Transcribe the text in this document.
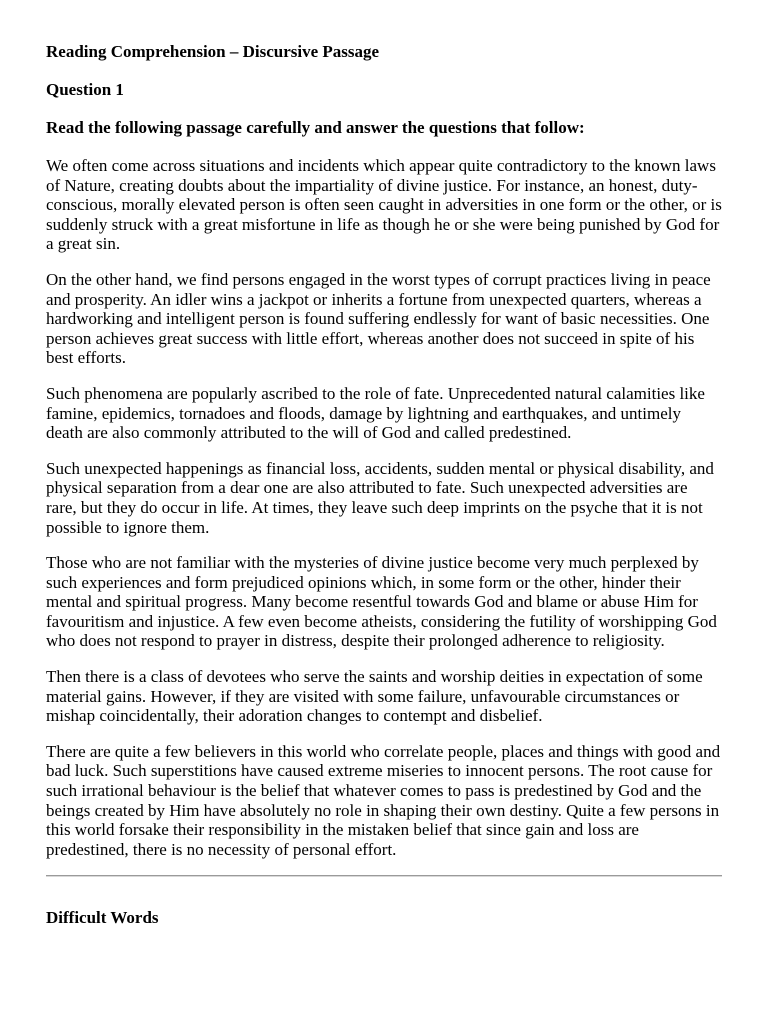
Reading Comprehension – Discursive Passage

Question 1

Read the following passage carefully and answer the questions that follow:

We often come across situations and incidents which appear quite contradictory to the known laws of Nature, creating doubts about the impartiality of divine justice. For instance, an honest, duty-conscious, morally elevated person is often seen caught in adversities in one form or the other, or is suddenly struck with a great misfortune in life as though he or she were being punished by God for a great sin.

On the other hand, we find persons engaged in the worst types of corrupt practices living in peace and prosperity. An idler wins a jackpot or inherits a fortune from unexpected quarters, whereas a hardworking and intelligent person is found suffering endlessly for want of basic necessities. One person achieves great success with little effort, whereas another does not succeed in spite of his best efforts.

Such phenomena are popularly ascribed to the role of fate. Unprecedented natural calamities like famine, epidemics, tornadoes and floods, damage by lightning and earthquakes, and untimely death are also commonly attributed to the will of God and called predestined.

Such unexpected happenings as financial loss, accidents, sudden mental or physical disability, and physical separation from a dear one are also attributed to fate. Such unexpected adversities are rare, but they do occur in life. At times, they leave such deep imprints on the psyche that it is not possible to ignore them.

Those who are not familiar with the mysteries of divine justice become very much perplexed by such experiences and form prejudiced opinions which, in some form or the other, hinder their mental and spiritual progress. Many become resentful towards God and blame or abuse Him for favouritism and injustice. A few even become atheists, considering the futility of worshipping God who does not respond to prayer in distress, despite their prolonged adherence to religiosity.

Then there is a class of devotees who serve the saints and worship deities in expectation of some material gains. However, if they are visited with some failure, unfavourable circumstances or mishap coincidentally, their adoration changes to contempt and disbelief.

There are quite a few believers in this world who correlate people, places and things with good and bad luck. Such superstitions have caused extreme miseries to innocent persons. The root cause for such irrational behaviour is the belief that whatever comes to pass is predestined by God and the beings created by Him have absolutely no role in shaping their own destiny. Quite a few persons in this world forsake their responsibility in the mistaken belief that since gain and loss are predestined, there is no necessity of personal effort.

Difficult Words
